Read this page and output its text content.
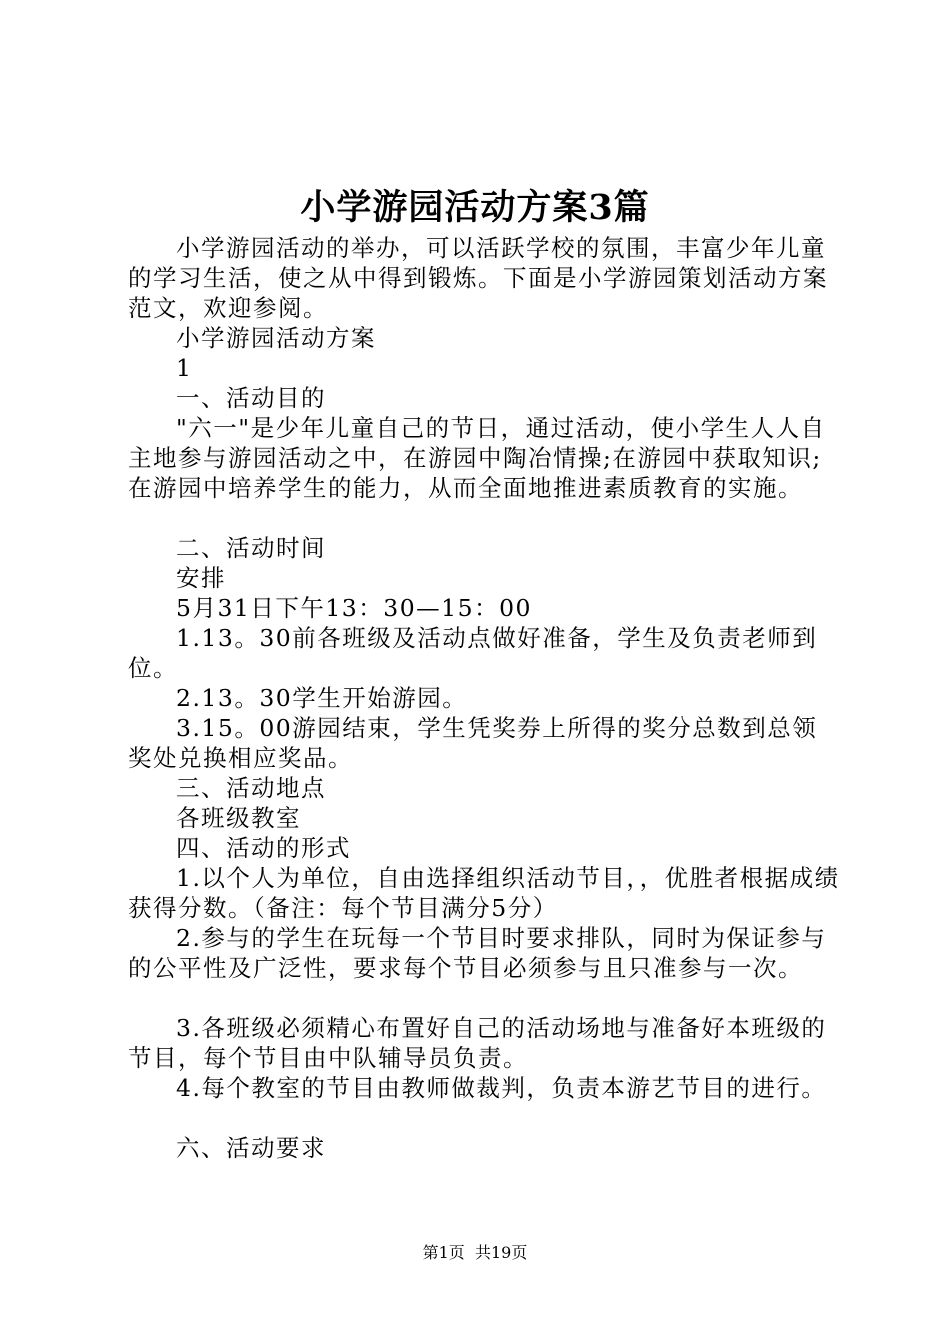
小学游园活动方案3篇

小学游园活动的举办，可以活跃学校的氛围，丰富少年儿童的学习生活，使之从中得到锻炼。下面是小学游园策划活动方案范文，欢迎参阅。

小学游园活动方案

1

一、活动目的

"六一"是少年儿童自己的节日，通过活动，使小学生人人自主地参与游园活动之中，在游园中陶冶情操;在游园中获取知识;在游园中培养学生的能力，从而全面地推进素质教育的实施。

二、活动时间

安排

5月31日下午13：30—15：00

1.13。30前各班级及活动点做好准备，学生及负责老师到位。

2.13。30学生开始游园。

3.15。00游园结束，学生凭奖券上所得的奖分总数到总领奖处兑换相应奖品。

三、活动地点

各班级教室

四、活动的形式

1.以个人为单位，自由选择组织活动节目，，优胜者根据成绩获得分数。（备注：每个节目满分5分）

2.参与的学生在玩每一个节目时要求排队，同时为保证参与的公平性及广泛性，要求每个节目必须参与且只准参与一次。

3.各班级必须精心布置好自己的活动场地与准备好本班级的节目，每个节目由中队辅导员负责。

4.每个教室的节目由教师做裁判，负责本游艺节目的进行。

六、活动要求

第1页 共19页
